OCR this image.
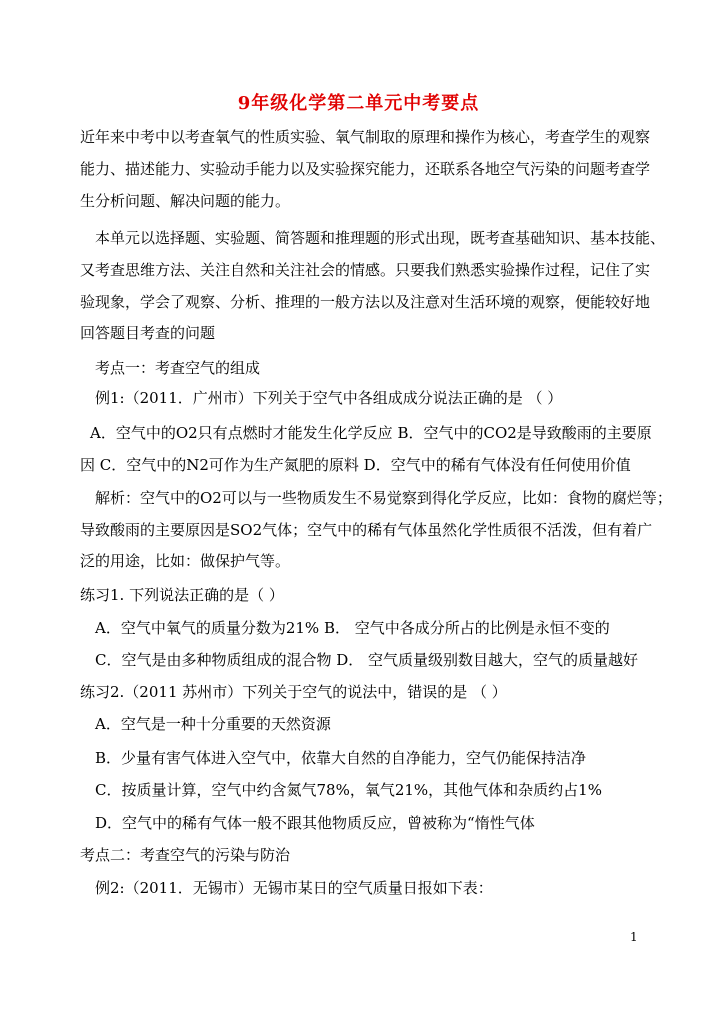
9年级化学第二单元中考要点
近年来中考中以考查氧气的性质实验、氧气制取的原理和操作为核心，考查学生的观察
能力、描述能力、实验动手能力以及实验探究能力，还联系各地空气污染的问题考查学
生分析问题、解决问题的能力。
本单元以选择题、实验题、简答题和推理题的形式出现，既考查基础知识、基本技能、
又考查思维方法、关注自然和关注社会的情感。只要我们熟悉实验操作过程，记住了实
验现象，学会了观察、分析、推理的一般方法以及注意对生活环境的观察，便能较好地
回答题目考查的问题
考点一：考查空气的组成
例1:（2011．广州市）下列关于空气中各组成成分说法正确的是 （ ）
A．空气中的O2只有点燃时才能发生化学反应 B．空气中的CO2是导致酸雨的主要原
因 C．空气中的N2可作为生产氮肥的原料 D．空气中的稀有气体没有任何使用价值
解析：空气中的O2可以与一些物质发生不易觉察到得化学反应，比如：食物的腐烂等；
导致酸雨的主要原因是SO2气体；空气中的稀有气体虽然化学性质很不活泼，但有着广
泛的用途，比如：做保护气等。
练习1. 下列说法正确的是（ ）
A．空气中氧气的质量分数为21% B． 空气中各成分所占的比例是永恒不变的
C．空气是由多种物质组成的混合物 D． 空气质量级别数目越大，空气的质量越好
练习2.（2011 苏州市）下列关于空气的说法中，错误的是 （ ）
A．空气是一种十分重要的天然资源
B．少量有害气体进入空气中，依靠大自然的自净能力，空气仍能保持洁净
C．按质量计算，空气中约含氮气78%，氧气21%，其他气体和杂质约占1%
D．空气中的稀有气体一般不跟其他物质反应，曾被称为“惰性气体
考点二：考查空气的污染与防治
例2:（2011．无锡市）无锡市某日的空气质量日报如下表：
1
